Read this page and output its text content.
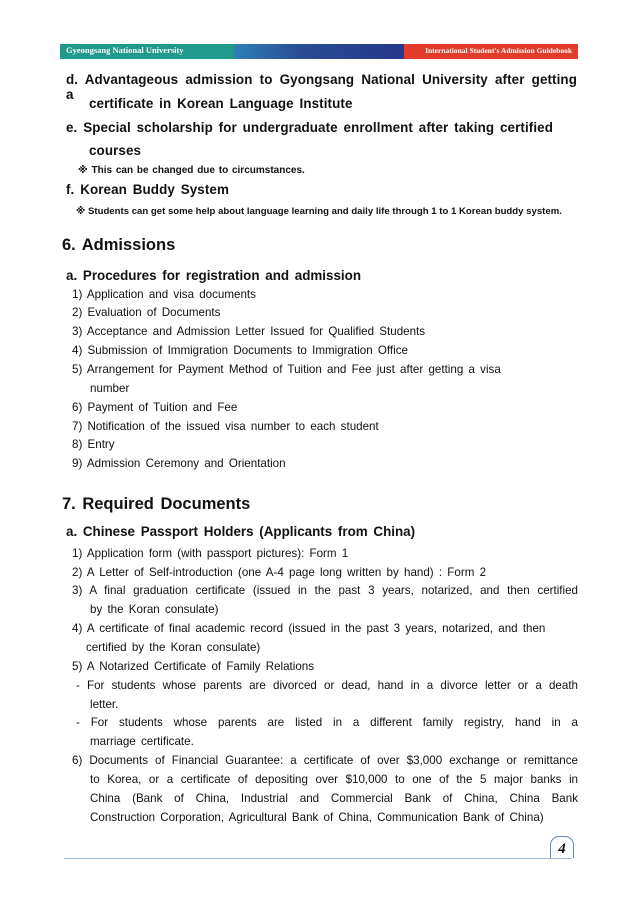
Gyeongsang National University	International Student's Admission Guidebook
d. Advantageous admission to Gyongsang National University after getting a
certificate in Korean Language Institute
e. Special scholarship for undergraduate enrollment after taking certified
courses
※ This can be changed due to circumstances.
f. Korean Buddy System
※ Students can get some help about language learning and daily life through 1 to 1 Korean buddy system.
6. Admissions
a. Procedures for registration and admission
1) Application and visa documents
2) Evaluation of Documents
3) Acceptance and Admission Letter Issued for Qualified Students
4) Submission of Immigration Documents to Immigration Office
5) Arrangement for Payment Method of Tuition and Fee just after getting a visa
number
6) Payment of Tuition and Fee
7) Notification of the issued visa number to each student
8) Entry
9) Admission Ceremony and Orientation
7. Required Documents
a. Chinese Passport Holders (Applicants from China)
1) Application form (with passport pictures): Form 1
2) A Letter of Self-introduction (one A-4 page long written by hand) : Form 2
3) A final graduation certificate (issued in the past 3 years, notarized, and then certified
by the Koran consulate)
4) A certificate of final academic record (issued in the past 3 years, notarized, and then
certified by the Koran consulate)
5) A Notarized Certificate of Family Relations
- For students whose parents are divorced or dead, hand in a divorce letter or a death
letter.
- For students whose parents are listed in a different family registry, hand in a
marriage certificate.
6) Documents of Financial Guarantee: a certificate of over $3,000 exchange or remittance
to Korea, or a certificate of depositing over $10,000 to one of the 5 major banks in
China (Bank of China, Industrial and Commercial Bank of China, China Bank
Construction Corporation, Agricultural Bank of China, Communication Bank of China)
4
